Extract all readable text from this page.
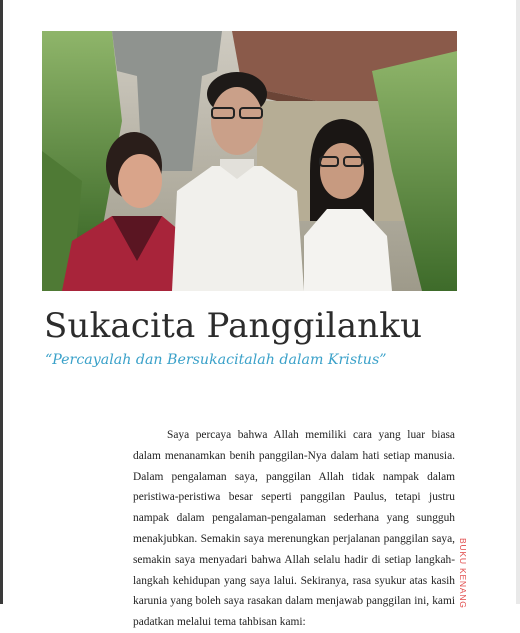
Sukacita Panggilanku

“Percayalah dan Bersukacitalah dalam Kristus”

Saya percaya bahwa Allah memiliki cara yang luar biasa dalam menanamkan benih panggilan-Nya dalam hati setiap manusia. Dalam pengalaman saya, panggilan Allah tidak nampak dalam peristiwa-peristiwa besar seperti panggilan Paulus, tetapi justru nampak dalam pengalaman-pengalaman sederhana yang sungguh menakjubkan. Semakin saya merenungkan perjalanan panggilan saya, semakin saya menyadari bahwa Allah selalu hadir di setiap langkah-langkah kehidupan yang saya lalui. Sekiranya, rasa syukur atas kasih karunia yang boleh saya rasakan dalam menjawab panggilan ini, kami padatkan melalui tema tahbisan kami:

BUKU KENANG
